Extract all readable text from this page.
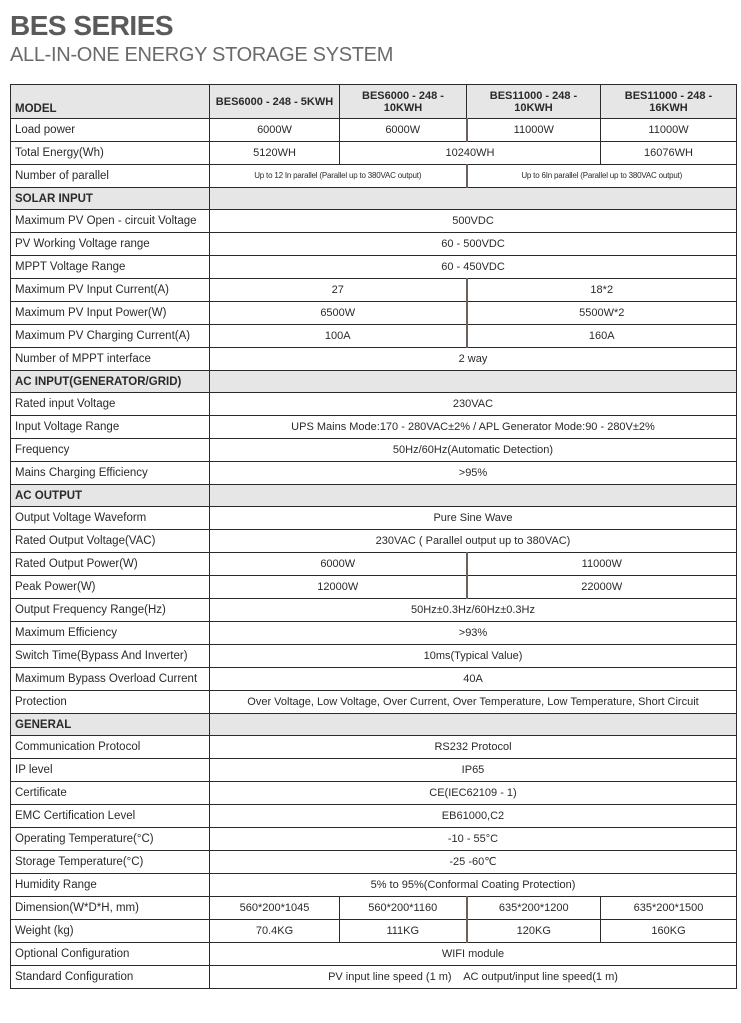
BES SERIES
ALL-IN-ONE ENERGY STORAGE SYSTEM
MODEL	BES6000 - 248 - 5KWH	BES6000 - 248 - 10KWH	BES11000 - 248 - 10KWH	BES11000 - 248 - 16KWH
Load power	6000W	6000W	11000W	11000W
Total Energy(Wh)	5120WH	10240WH		16076WH
Number of parallel	Up to 12 In parallel (Parallel up to 380VAC output)		Up to 6In parallel (Parallel up to 380VAC output)	
SOLAR INPUT				
Maximum PV Open - circuit Voltage	500VDC			
PV Working Voltage range	60 - 500VDC			
MPPT Voltage Range	60 - 450VDC			
Maximum PV Input Current(A)	27		18*2	
Maximum PV Input Power(W)	6500W		5500W*2	
Maximum PV Charging Current(A)	100A		160A	
Number of MPPT interface	2 way			
AC INPUT(GENERATOR/GRID)				
Rated input Voltage	230VAC			
Input Voltage Range	UPS Mains Mode:170 - 280VAC±2% / APL Generator Mode:90 - 280V±2%			
Frequency	50Hz/60Hz(Automatic Detection)			
Mains Charging Efficiency	>95%			
AC OUTPUT				
Output Voltage Waveform	Pure Sine Wave			
Rated Output Voltage(VAC)	230VAC ( Parallel output up to 380VAC)			
Rated Output Power(W)	6000W		11000W	
Peak Power(W)	12000W		22000W	
Output Frequency Range(Hz)	50Hz±0.3Hz/60Hz±0.3Hz			
Maximum Efficiency	>93%			
Switch Time(Bypass And Inverter)	10ms(Typical Value)			
Maximum Bypass Overload Current	40A			
Protection	Over Voltage, Low Voltage, Over Current, Over Temperature, Low Temperature, Short Circuit			
GENERAL				
Communication Protocol	RS232 Protocol			
IP level	IP65			
Certificate	CE(IEC62109 - 1)			
EMC Certification Level	EB61000,C2			
Operating Temperature(°C)	-10 - 55°C			
Storage Temperature(°C)	-25 -60℃			
Humidity Range	5% to 95%(Conformal Coating Protection)			
Dimension(W*D*H, mm)	560*200*1045	560*200*1160	635*200*1200	635*200*1500
Weight (kg)	70.4KG	111KG	120KG	160KG
Optional Configuration	WIFI module			
Standard Configuration	PV input line speed (1 m)    AC output/input line speed(1 m)			
